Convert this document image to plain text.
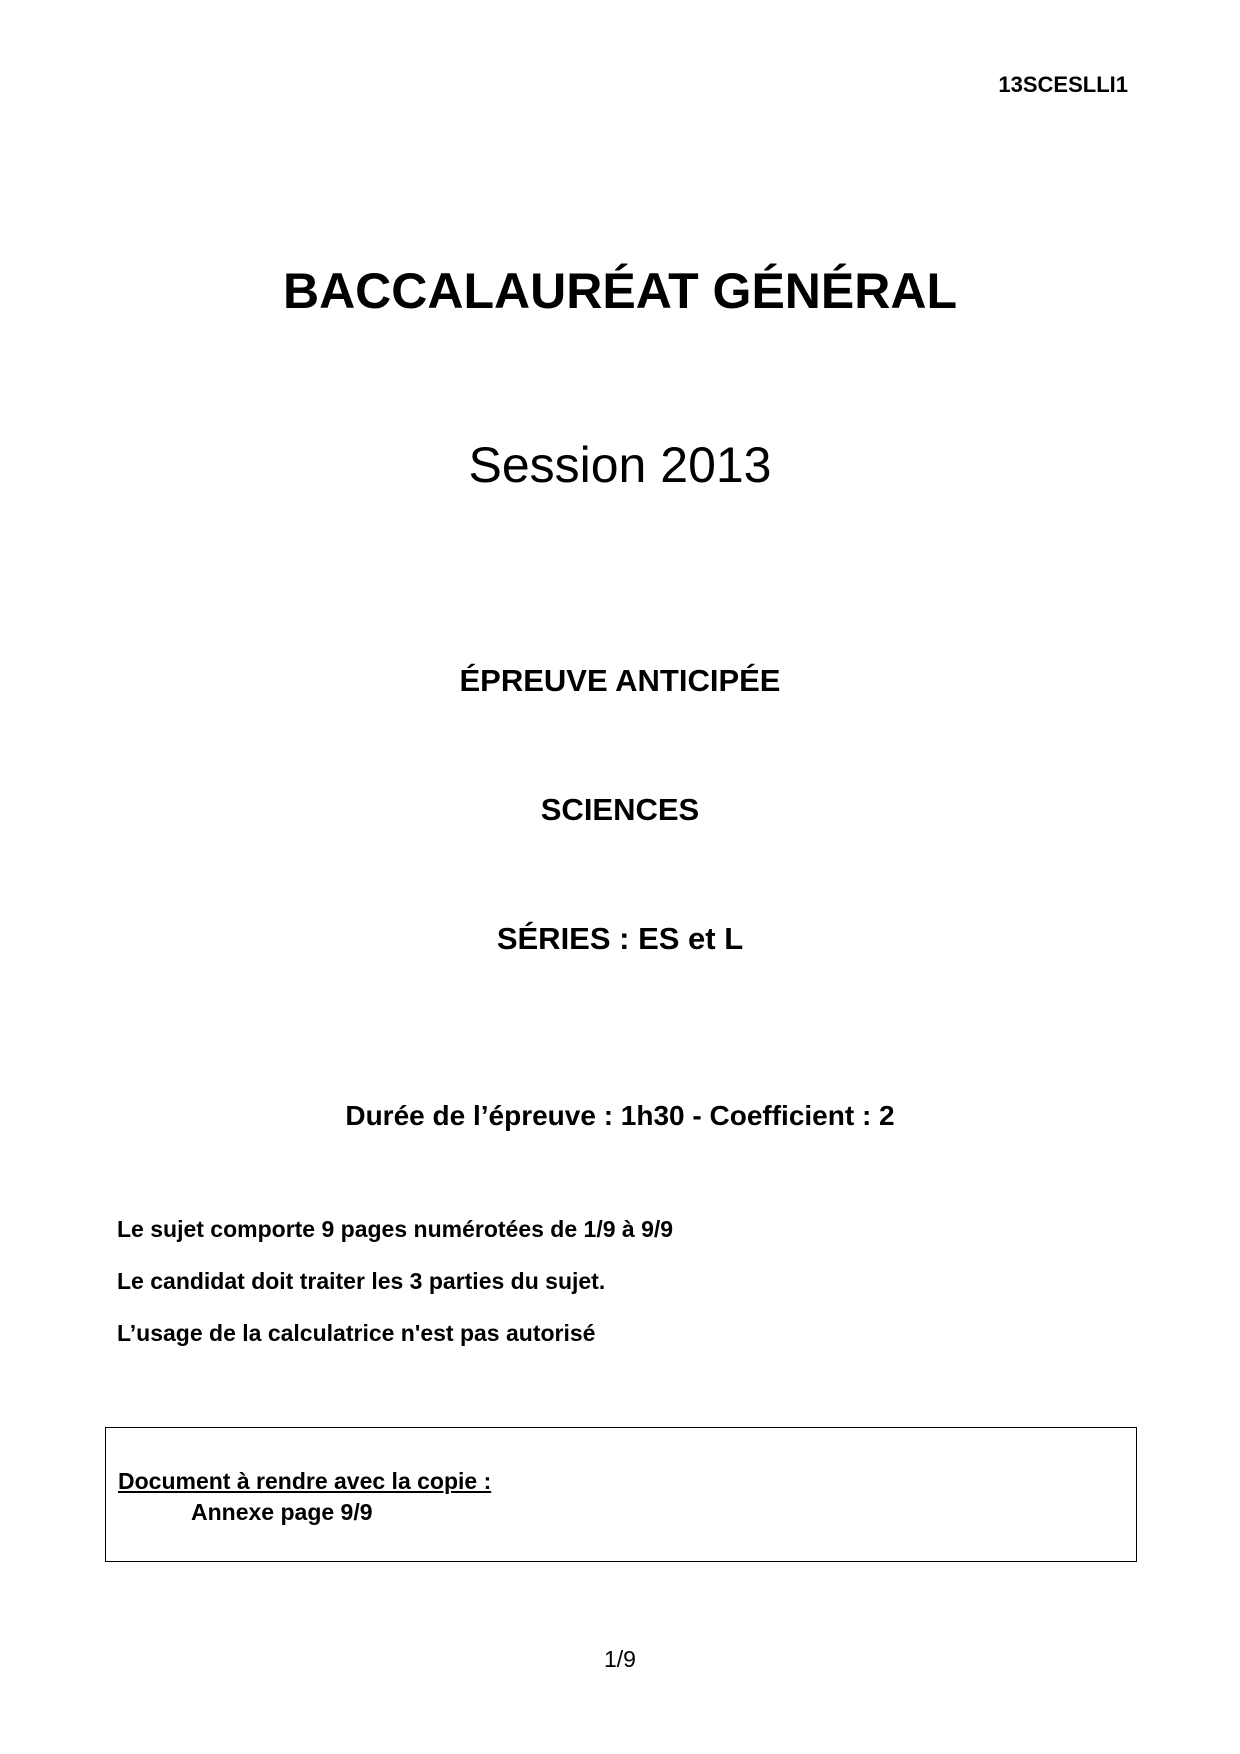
13SCESLLI1
BACCALAURÉAT GÉNÉRAL
Session 2013
ÉPREUVE ANTICIPÉE
SCIENCES
SÉRIES : ES et L
Durée de l’épreuve : 1h30 - Coefficient : 2
Le sujet comporte 9 pages numérotées de 1/9 à 9/9
Le candidat doit traiter les 3 parties du sujet.
L’usage de la calculatrice n'est pas autorisé
Document à rendre avec la copie :
Annexe page 9/9
1/9
